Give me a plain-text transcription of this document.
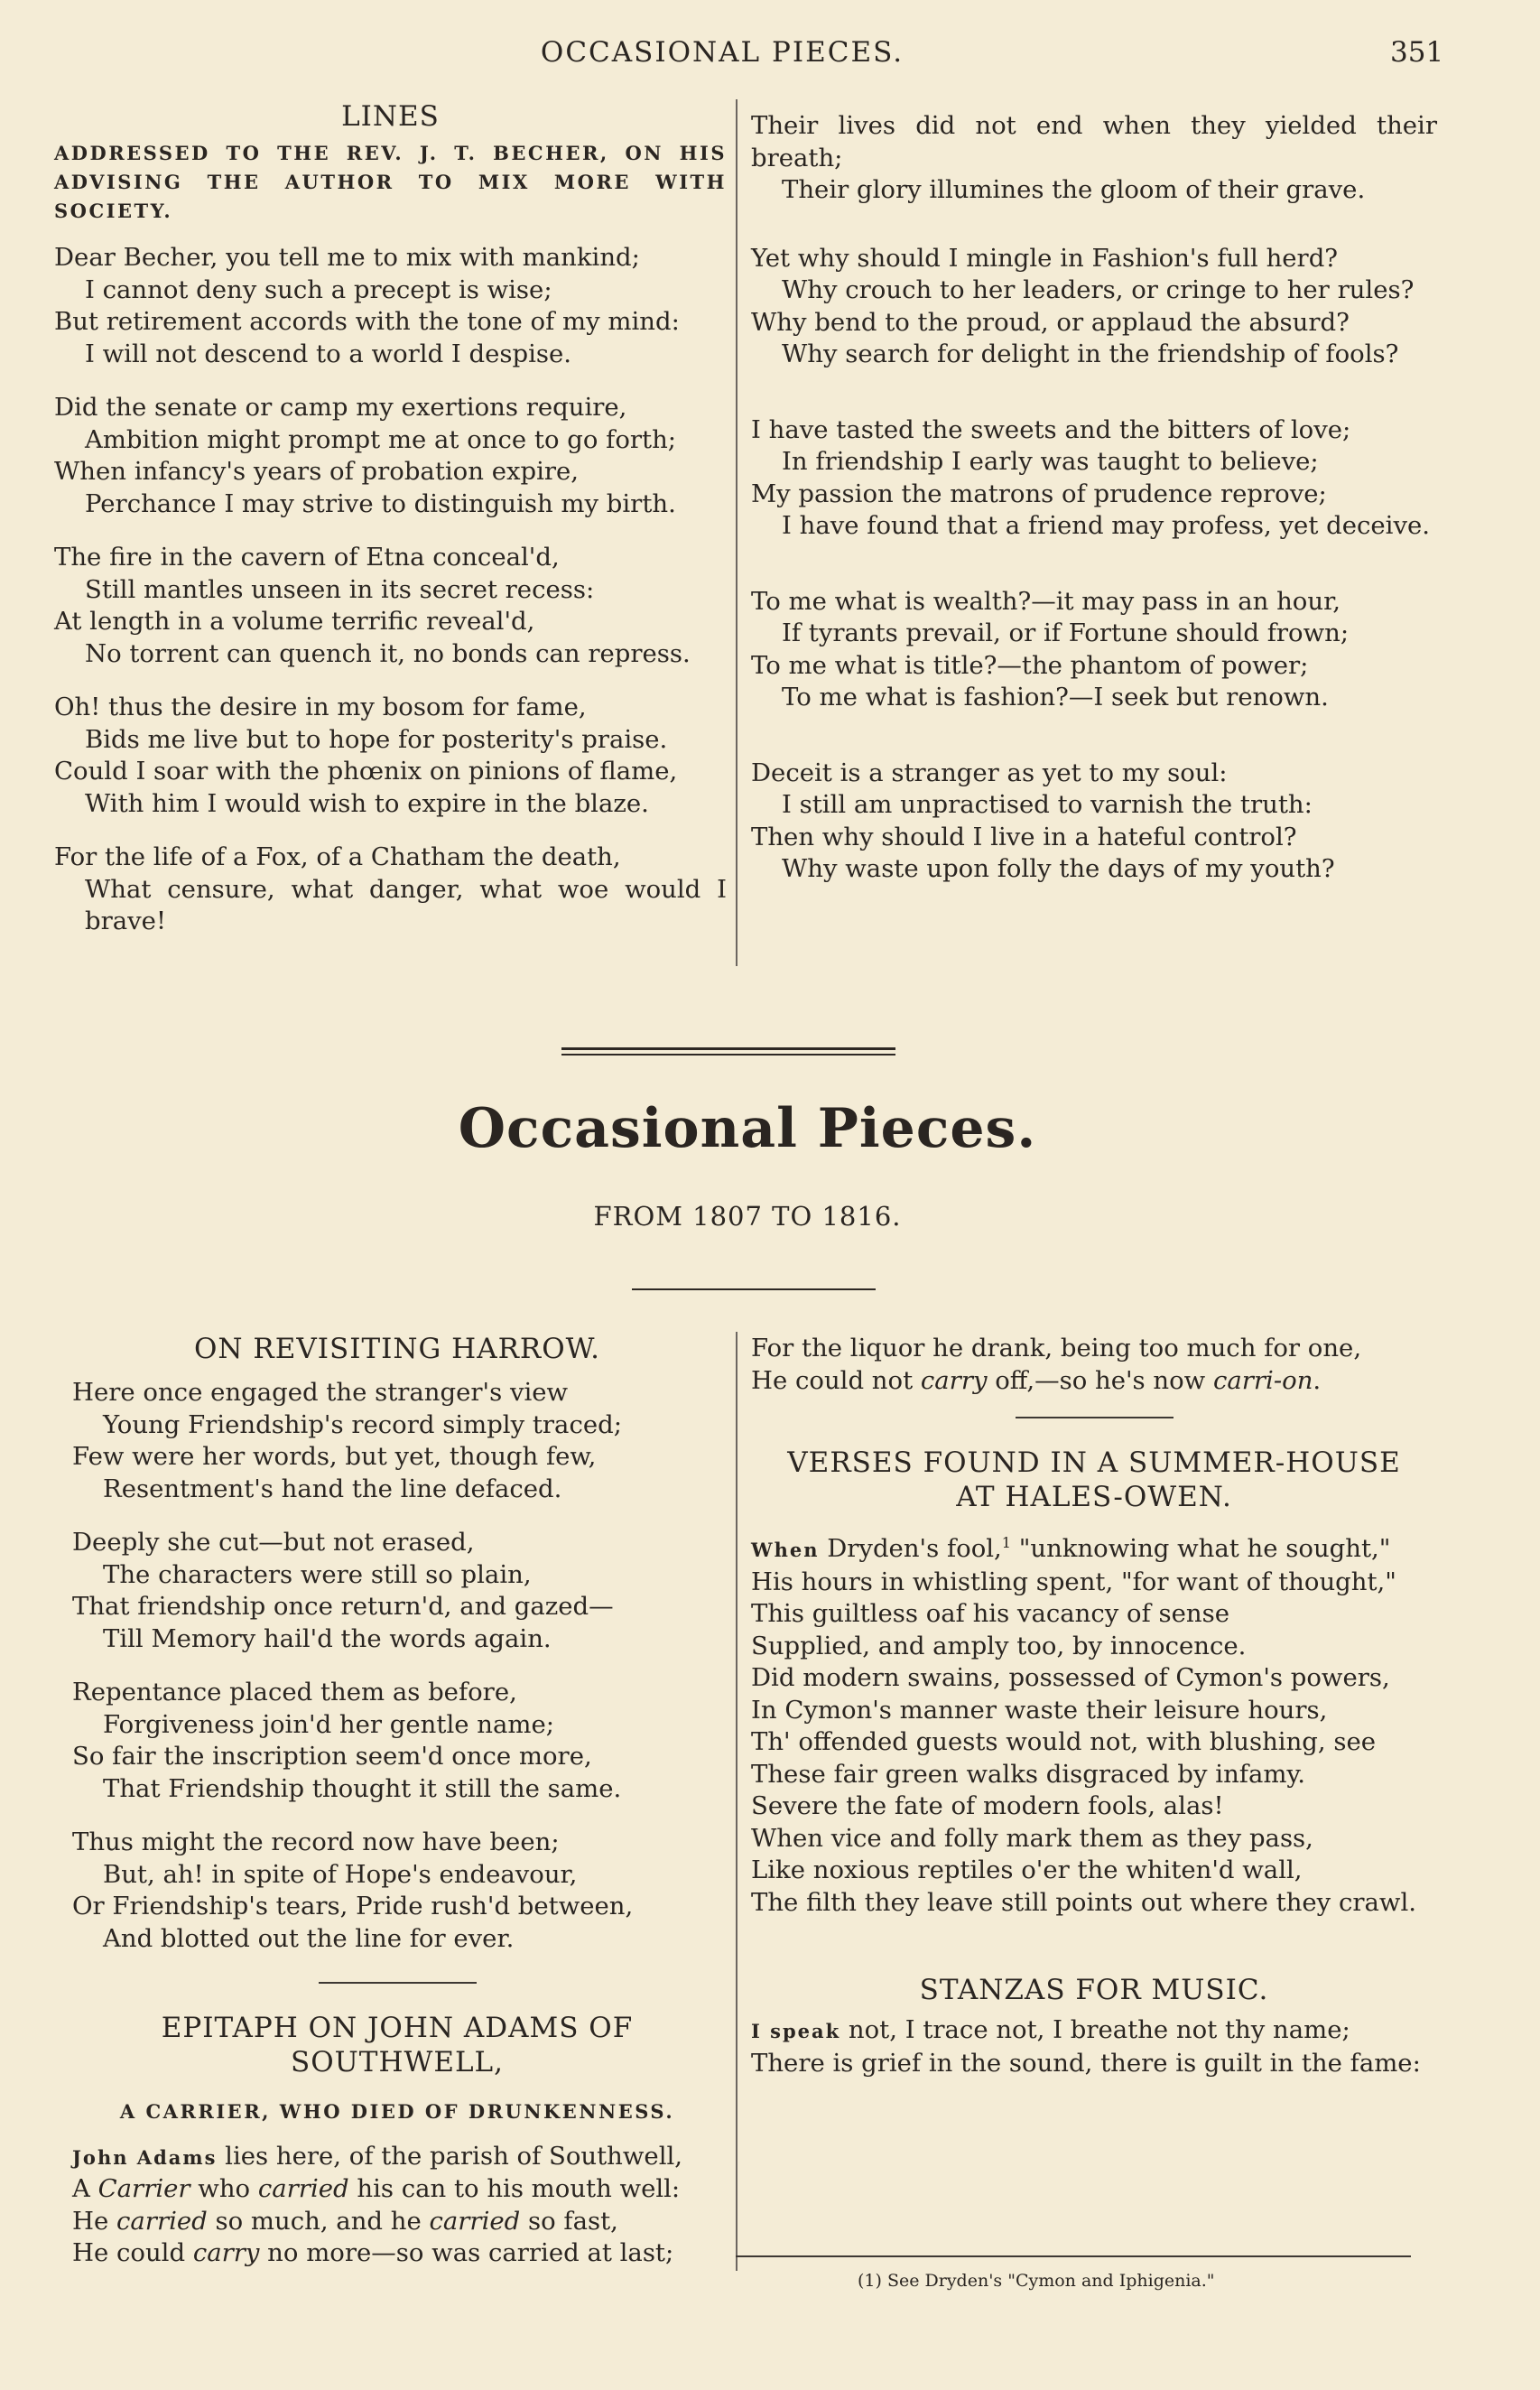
OCCASIONAL PIECES.	351

LINES

ADDRESSED TO THE REV. J. T. BECHER, ON HIS ADVISING THE AUTHOR TO MIX MORE WITH SOCIETY.

Dear Becher, you tell me to mix with mankind;
I cannot deny such a precept is wise;
But retirement accords with the tone of my mind:
I will not descend to a world I despise.
Did the senate or camp my exertions require,
Ambition might prompt me at once to go forth;
When infancy's years of probation expire,
Perchance I may strive to distinguish my birth.
The fire in the cavern of Etna conceal'd,
Still mantles unseen in its secret recess:
At length in a volume terrific reveal'd,
No torrent can quench it, no bonds can repress.
Oh! thus the desire in my bosom for fame,
Bids me live but to hope for posterity's praise.
Could I soar with the phœnix on pinions of flame,
With him I would wish to expire in the blaze.
For the life of a Fox, of a Chatham the death,
What censure, what danger, what woe would I brave!
Their lives did not end when they yielded their breath;
Their glory illumines the gloom of their grave.
Yet why should I mingle in Fashion's full herd?
Why crouch to her leaders, or cringe to her rules?
Why bend to the proud, or applaud the absurd?
Why search for delight in the friendship of fools?
I have tasted the sweets and the bitters of love;
In friendship I early was taught to believe;
My passion the matrons of prudence reprove;
I have found that a friend may profess, yet deceive.
To me what is wealth?—it may pass in an hour,
If tyrants prevail, or if Fortune should frown;
To me what is title?—the phantom of power;
To me what is fashion?—I seek but renown.
Deceit is a stranger as yet to my soul:
I still am unpractised to varnish the truth:
Then why should I live in a hateful control?
Why waste upon folly the days of my youth?
Occasional Pieces.
FROM 1807 TO 1816.

ON REVISITING HARROW.

Here once engaged the stranger's view
Young Friendship's record simply traced;
Few were her words, but yet, though few,
Resentment's hand the line defaced.
Deeply she cut—but not erased,
The characters were still so plain,
That friendship once return'd, and gazed—
Till Memory hail'd the words again.
Repentance placed them as before,
Forgiveness join'd her gentle name;
So fair the inscription seem'd once more,
That Friendship thought it still the same.
Thus might the record now have been;
But, ah! in spite of Hope's endeavour,
Or Friendship's tears, Pride rush'd between,
And blotted out the line for ever.

EPITAPH ON JOHN ADAMS OF SOUTHWELL,

A CARRIER, WHO DIED OF DRUNKENNESS.

John Adams lies here, of the parish of Southwell,
A Carrier who carried his can to his mouth well:
He carried so much, and he carried so fast,
He could carry no more—so was carried at last;
For the liquor he drank, being too much for one,
He could not carry off,—so he's now carri-on.

VERSES FOUND IN A SUMMER-HOUSE AT HALES-OWEN.

When Dryden's fool,$^1$ "unknowing what he sought,"
His hours in whistling spent, "for want of thought,"
This guiltless oaf his vacancy of sense
Supplied, and amply too, by innocence.
Did modern swains, possessed of Cymon's powers,
In Cymon's manner waste their leisure hours,
Th' offended guests would not, with blushing, see
These fair green walks disgraced by infamy.
Severe the fate of modern fools, alas!
When vice and folly mark them as they pass,
Like noxious reptiles o'er the whiten'd wall,
The filth they leave still points out where they crawl.

STANZAS FOR MUSIC.

I speak not, I trace not, I breathe not thy name;
There is grief in the sound, there is guilt in the fame:
(1) See Dryden's "Cymon and Iphigenia."
